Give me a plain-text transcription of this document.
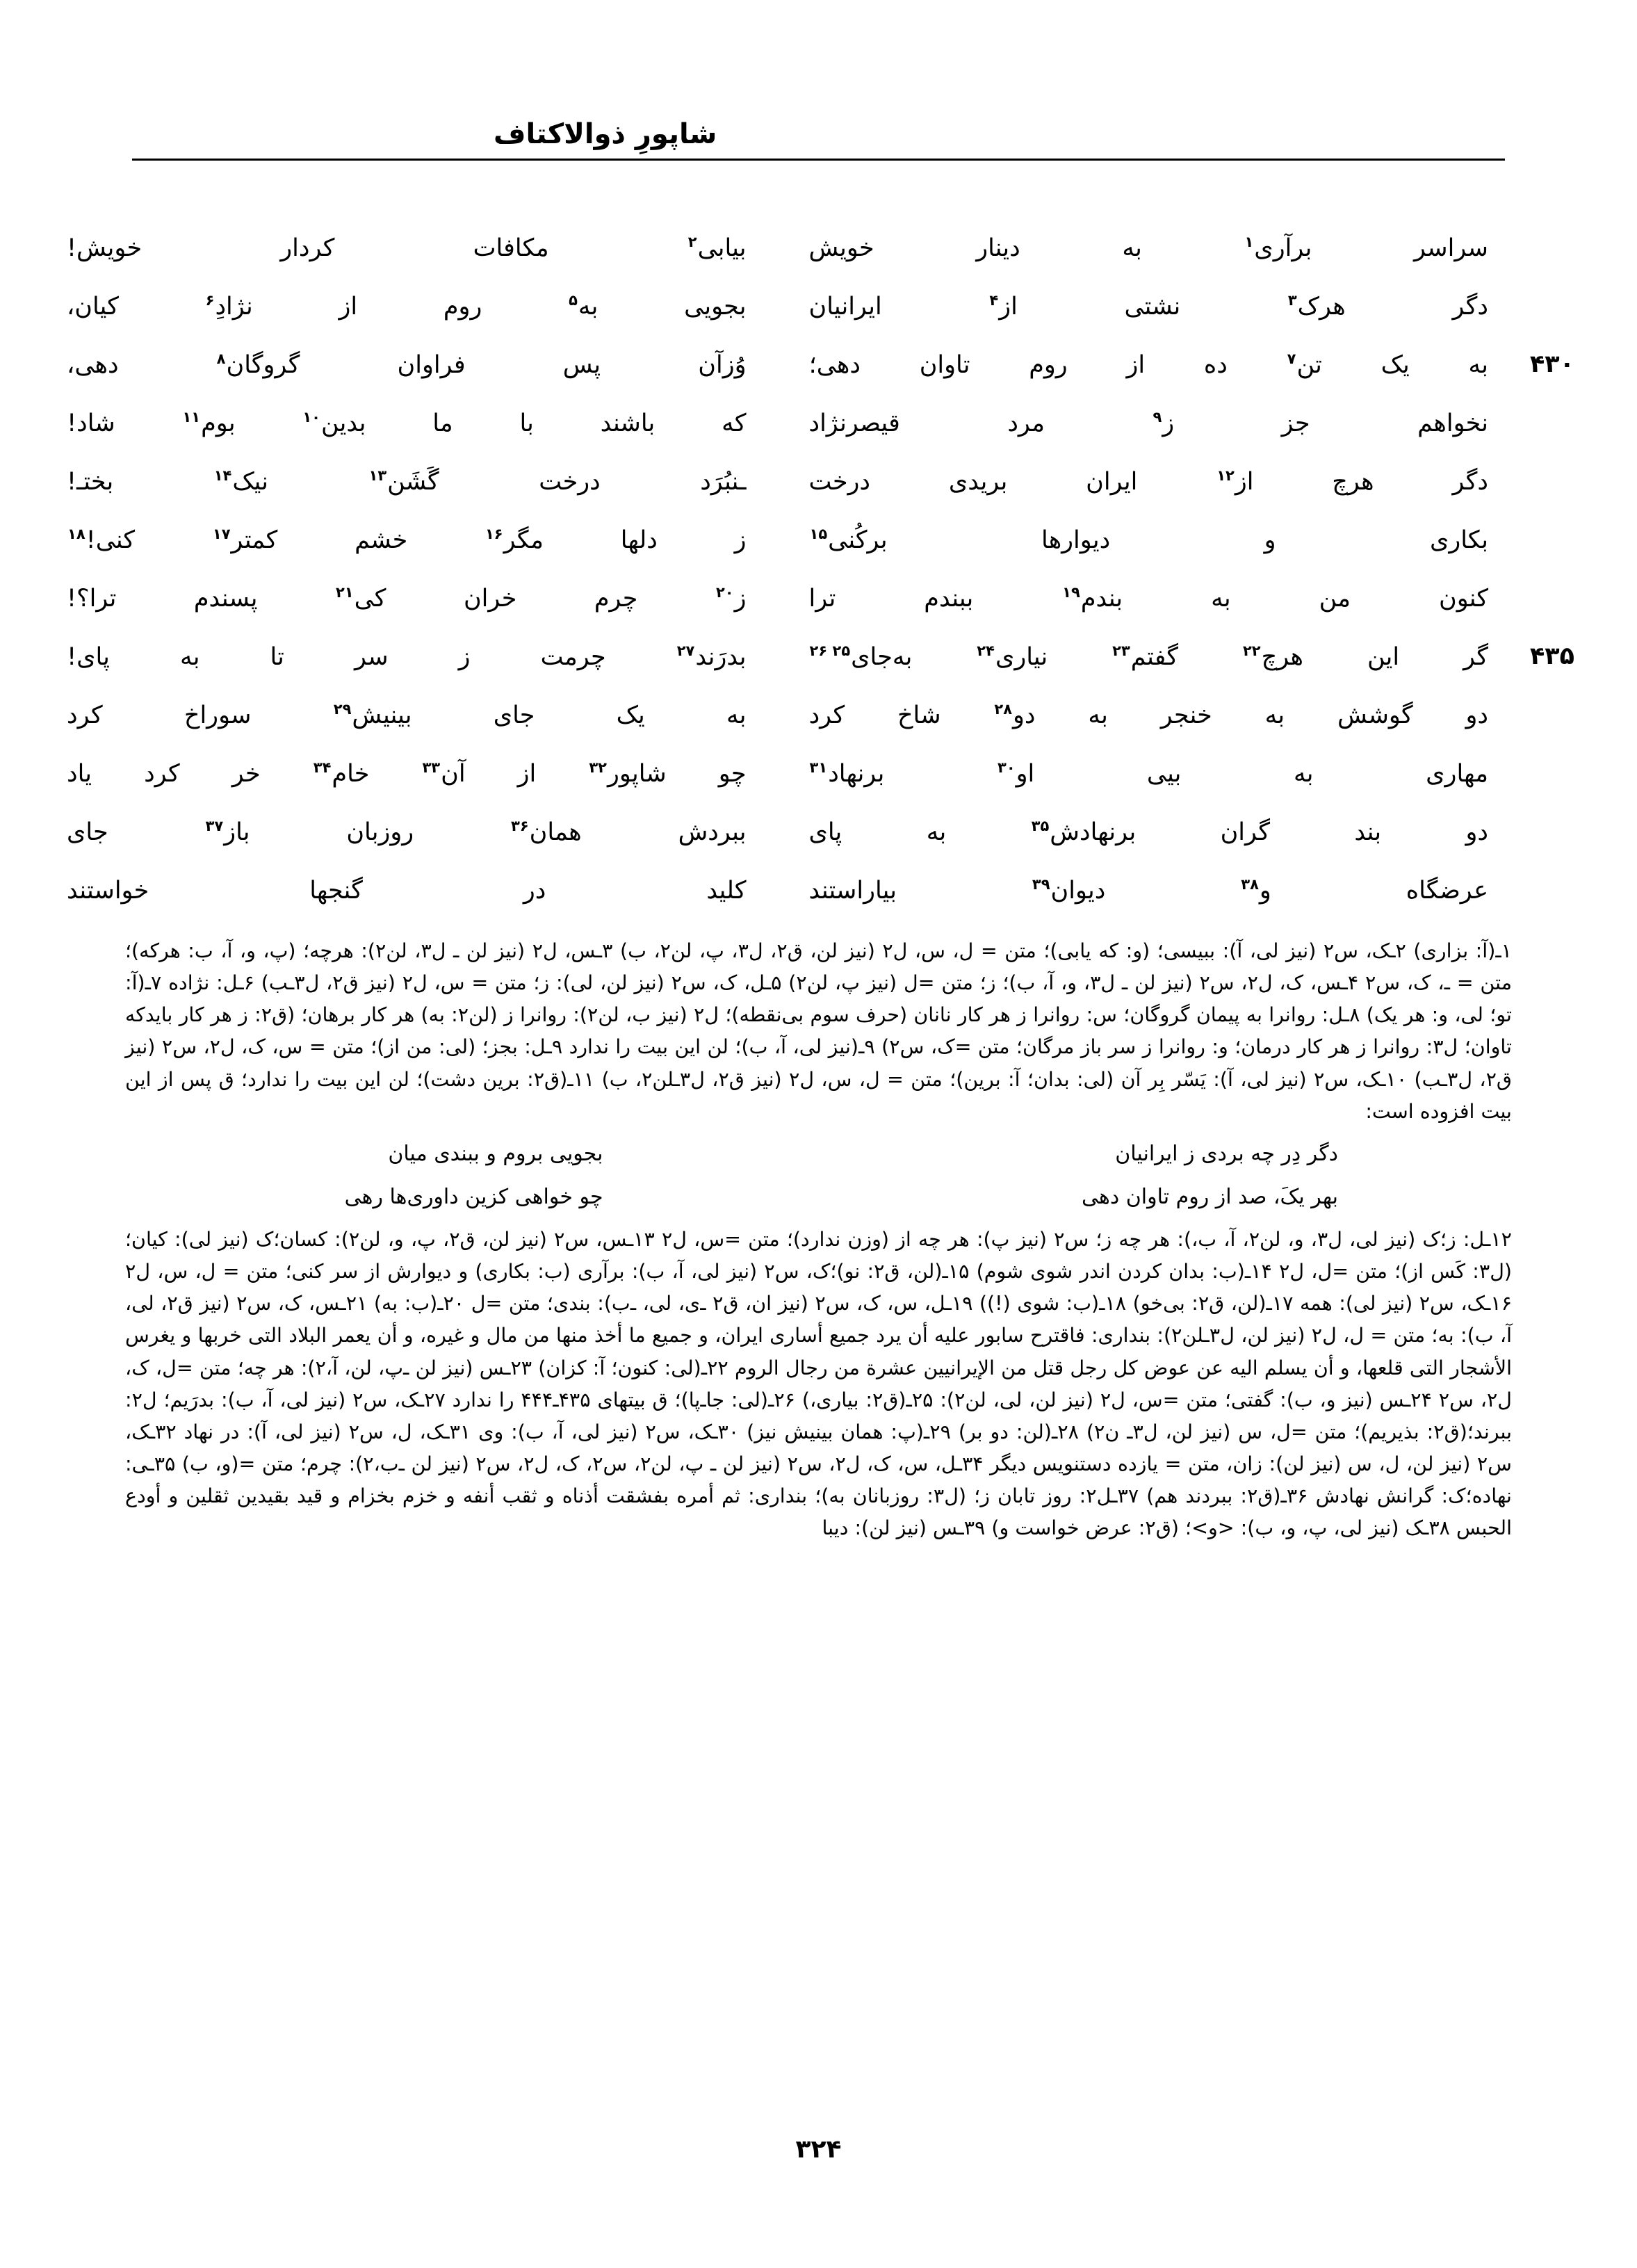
شاپورِ ذوالاکتاف
سراسر
برآری$^۱$
به
دینار
خویش
بیابی$^۲$
مکافات
کردار
خویش!
دگر
هرک$^۳$
نشتی
از$^۴$
ایرانیان
بجویی
به$^۵$
روم
از
نژادِ$^۶$
کیان،
۴۳۰
به
یک
تن$^۷$
ده
از
روم
تاوان
دهی؛
وُزآن
پس
فراوان
گروگان$^۸$
دهی،
نخواهم
جز
ز$^۹$
مرد
قیصرنژاد
که
باشند
با
ما
بدین$^{۱۰}$
بوم$^{۱۱}$
شاد!
دگر
هرچ
از$^{۱۲}$
ایران
بریدی
درخت
ـنبُرَد
درخت
گَشَن$^{۱۳}$
نیک$^{۱۴}$
بختـ!
بکاری
و
دیوارها
برکُنی$^{۱۵}$
ز
دلها
مگر$^{۱۶}$
خشم
کمتر$^{۱۷}$
کنی!$^{۱۸}$
کنون
من
به
بندم$^{۱۹}$
ببندم
ترا
ز$^{۲۰}$
چرم
خران
کی$^{۲۱}$
پسندم
ترا؟!
۴۳۵
گر
این
هرچ$^{۲۲}$
گفتم$^{۲۳}$
نیاری$^{۲۴}$
به‌جای$^{۲۵ ۲۶}$
بدرَند$^{۲۷}$
چرمت
ز
سر
تا
به
پای!
دو
گوشش
به
خنجر
به
دو$^{۲۸}$
شاخ
کرد
به
یک
جای
بینیش$^{۲۹}$
سوراخ
کرد
مهاری
به
بیی
او$^{۳۰}$
برنهاد$^{۳۱}$
چو
شاپور$^{۳۲}$
از
آن$^{۳۳}$
خام$^{۳۴}$
خر
کرد
یاد
دو
بند
گران
برنهادش$^{۳۵}$
به
پای
ببردش
همان$^{۳۶}$
روزبان
باز$^{۳۷}$
جای
عرضگاه
و$^{۳۸}$
دیوان$^{۳۹}$
بیاراستند
کلید
در
گنجها
خواستند

۱ـ(آ: بزاری) ۲ـک، س۲ (نیز لی، آ): ببیسی؛ (و: که یابی)؛ متن = ل، س، ل۲ (نیز لن، ق۲، ل۳، پ، لن۲، ب) ۳ـس، ل۲ (نیز لن ـ ل۳، لن۲): هرچه؛ (پ، و، آ، ب: هرکه)؛ متن = ـ، ک، س۲ ۴ـس، ک، ل۲، س۲ (نیز لن ـ ل۳، و، آ، ب)؛ ز؛ متن =ل (نیز پ، لن۲) ۵ـل، ک، س۲ (نیز لن، لی): ز؛ متن = س، ل۲ (نیز ق۲، ل۳ـب) ۶ـل: نژاده ۷ـ(آ: تو؛ لی، و: هر یک) ۸ـل: روانرا به پیمان گروگان؛ س: روانرا ز هر کار نانان (حرف سوم بی‌نقطه)؛ ل۲ (نیز ب، لن۲): روانرا ز (لن۲: به) هر کار برهان؛ (ق۲: ز هر کار بایدکه تاوان؛ ل۳: روانرا ز هر کار درمان؛ و: روانرا ز سر باز مرگان؛ متن =ک، س۲) ۹ـ(نیز لی، آ، ب)؛ لن این بیت را ندارد ۹ـل: بجز؛ (لی: من از)؛ متن = س، ک، ل۲، س۲ (نیز ق۲، ل۳ـب) ۱۰ـک، س۲ (نیز لی، آ): یَسّر بِر آن (لی: بدان؛ آ: برین)؛ متن = ل، س، ل۲ (نیز ق۲، ل۳ـلن۲، ب) ۱۱ـ(ق۲: برین دشت)؛ لن این بیت را ندارد؛ ق پس از این بیت افزوده است:

دگر دِر چه بردی ز ایرانیان
بجویی بروم و ببندی میان
بهر یکَ، صد از روم تاوان دهی
چو خواهی کزین داوری‌ها رهی

۱۲ـل: ز؛ک (نیز لی، ل۳، و، لن۲، آ، ب،): هر چه ز؛ س۲ (نیز پ): هر چه از (وزن ندارد)؛ متن =س، ل۲ ۱۳ـس، س۲ (نیز لن، ق۲، پ، و، لن۲): کسان؛ک (نیز لی): کیان؛ (ل۳: کَس از)؛ متن =ل، ل۲ ۱۴ـ(ب: بدان کردن اندر شوی شوم) ۱۵ـ(لن، ق۲: نو)؛ک، س۲ (نیز لی، آ، ب): برآری (ب: بکاری) و دیوارش از سر کنی؛ متن = ل، س، ل۲ ۱۶ـک، س۲ (نیز لی): همه ۱۷ـ(لن، ق۲: بی‌خو) ۱۸ـ(ب: شوی (!)) ۱۹ـل، س، ک، س۲ (نیز ان، ق۲ ـ‌ی، لی، ـ‌ب): بندی؛ متن =ل ۲۰ـ(ب: به) ۲۱ـس، ک، س۲ (نیز ق۲، لی، آ، ب): به؛ متن = ل، ل۲ (نیز لن، ل۳ـلن۲): بنداری: فاقترح سابور علیه أن یرد جمیع أساری ایران، و جمیع ما أخذ منها من مال و غیره، و أن یعمر البلاد التی خربها و یغرس الأشجار التی قلعها، و أن یسلم الیه عن عوض کل رجل قتل من الإیرانیین عشرة من رجال الروم ۲۲ـ(لی: کنون؛ آ: کزان) ۲۳ـس (نیز لن ـ‌پ، لن، آ،۲): هر چه؛ متن =ل، ک، ل۲، س۲ ۲۴ـس (نیز و، ب): گفتی؛ متن =س، ل۲ (نیز لن، لی، لن۲): ۲۵ـ(ق۲: بیاری،) ۲۶ـ(لی: جا‌ـ‌پا)؛ ق بیتهای ۴۳۵ـ۴۴۴ را ندارد ۲۷ـک، س۲ (نیز لی، آ، ب): بدرَیم؛ ل۲: ببرند؛(ق۲: بذیریم)؛ متن =ل، س (نیز لن، ل۳ـ ن۲) ۲۸ـ(لن: دو بر) ۲۹ـ(پ: همان بینیش نیز) ۳۰ـک، س۲ (نیز لی، آ، ب): وی ۳۱ـک، ل، س۲ (نیز لی، آ): در نهاد ۳۲ـک، س۲ (نیز لن، ل، س (نیز لن): زان، متن = یازده دستنویس دیگر ۳۴ـل، س، ک، ل۲، س۲ (نیز لن ـ پ، لن۲، س۲، ک، ل۲، س۲ (نیز لن ـ‌ب،۲): چرم؛ متن =(و، ب) ۳۵ـی: نهاده؛ک: گرانش نهادش ۳۶ـ(ق۲: ببردند هم) ۳۷ـل۲: روز تابان ز؛ (ل۳: روزبانان به)؛ بنداری: ثم أمره بفشقت أذناه و ثقب أنفه و خزم بخزام و قید بقیدین ثقلین و أودع الحبس ۳۸ـک (نیز لی، پ، و، ب): <و>؛ (ق۲: عرض خواست و) ۳۹ـس (نیز لن): دیبا

۳۲۴
